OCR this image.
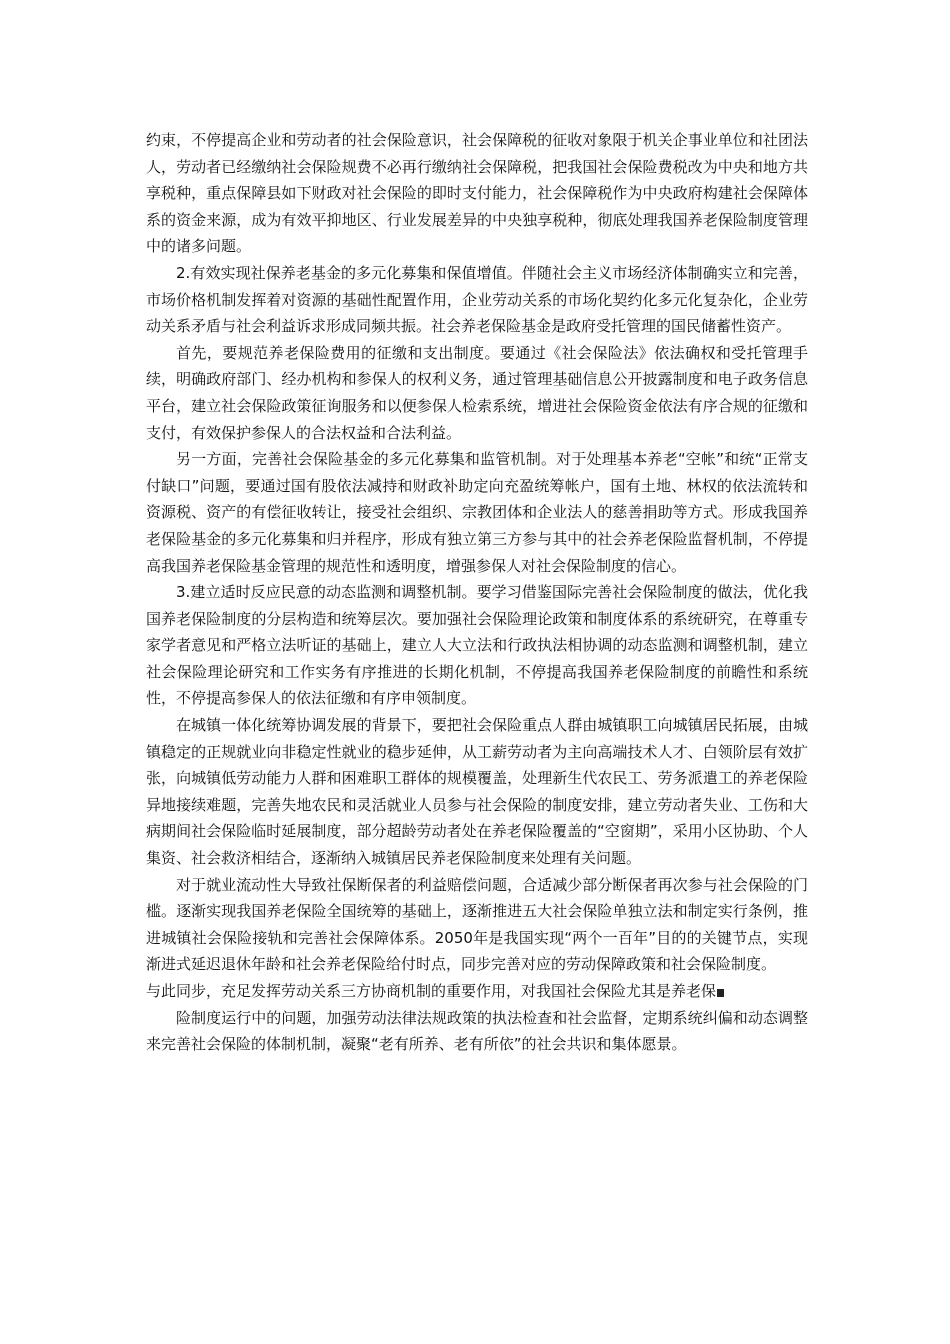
约束，不停提高企业和劳动者的社会保险意识，社会保障税的征收对象限于机关企事业单位和社团法人，劳动者已经缴纳社会保险规费不必再行缴纳社会保障税，把我国社会保险费税改为中央和地方共享税种，重点保障县如下财政对社会保险的即时支付能力，社会保障税作为中央政府构建社会保障体系的资金来源，成为有效平抑地区、行业发展差异的中央独享税种，彻底处理我国养老保险制度管理中的诸多问题。

2.有效实现社保养老基金的多元化募集和保值增值。伴随社会主义市场经济体制确实立和完善，市场价格机制发挥着对资源的基础性配置作用，企业劳动关系的市场化契约化多元化复杂化，企业劳动关系矛盾与社会利益诉求形成同频共振。社会养老保险基金是政府受托管理的国民储蓄性资产。

首先，要规范养老保险费用的征缴和支出制度。要通过《社会保险法》依法确权和受托管理手续，明确政府部门、经办机构和参保人的权利义务，通过管理基础信息公开披露制度和电子政务信息平台，建立社会保险政策征询服务和以便参保人检索系统，增进社会保险资金依法有序合规的征缴和支付，有效保护参保人的合法权益和合法利益。

另一方面，完善社会保险基金的多元化募集和监管机制。对于处理基本养老“空帐”和统“正常支付缺口”问题，要通过国有股依法减持和财政补助定向充盈统筹帐户，国有土地、林权的依法流转和资源税、资产的有偿征收转让，接受社会组织、宗教团体和企业法人的慈善捐助等方式。形成我国养老保险基金的多元化募集和归并程序，形成有独立第三方参与其中的社会养老保险监督机制，不停提高我国养老保险基金管理的规范性和透明度，增强参保人对社会保险制度的信心。

3.建立适时反应民意的动态监测和调整机制。要学习借鉴国际完善社会保险制度的做法，优化我国养老保险制度的分层构造和统筹层次。要加强社会保险理论政策和制度体系的系统研究，在尊重专家学者意见和严格立法听证的基础上，建立人大立法和行政执法相协调的动态监测和调整机制，建立社会保险理论研究和工作实务有序推进的长期化机制，不停提高我国养老保险制度的前瞻性和系统性，不停提高参保人的依法征缴和有序申领制度。

在城镇一体化统筹协调发展的背景下，要把社会保险重点人群由城镇职工向城镇居民拓展，由城镇稳定的正规就业向非稳定性就业的稳步延伸，从工薪劳动者为主向高端技术人才、白领阶层有效扩张，向城镇低劳动能力人群和困难职工群体的规模覆盖，处理新生代农民工、劳务派遣工的养老保险异地接续难题，完善失地农民和灵活就业人员参与社会保险的制度安排，建立劳动者失业、工伤和大病期间社会保险临时延展制度，部分超龄劳动者处在养老保险覆盖的“空窗期”，采用小区协助、个人集资、社会救济相结合，逐渐纳入城镇居民养老保险制度来处理有关问题。

对于就业流动性大导致社保断保者的利益赔偿问题，合适减少部分断保者再次参与社会保险的门槛。逐渐实现我国养老保险全国统筹的基础上，逐渐推进五大社会保险单独立法和制定实行条例，推进城镇社会保险接轨和完善社会保障体系。2050年是我国实现“两个一百年”目的的关键节点，实现渐进式延迟退休年龄和社会养老保险给付时点，同步完善对应的劳动保障政策和社会保险制度。

与此同步，充足发挥劳动关系三方协商机制的重要作用，对我国社会保险尤其是养老保

险制度运行中的问题，加强劳动法律法规政策的执法检查和社会监督，定期系统纠偏和动态调整来完善社会保险的体制机制，凝聚“老有所养、老有所依”的社会共识和集体愿景。
